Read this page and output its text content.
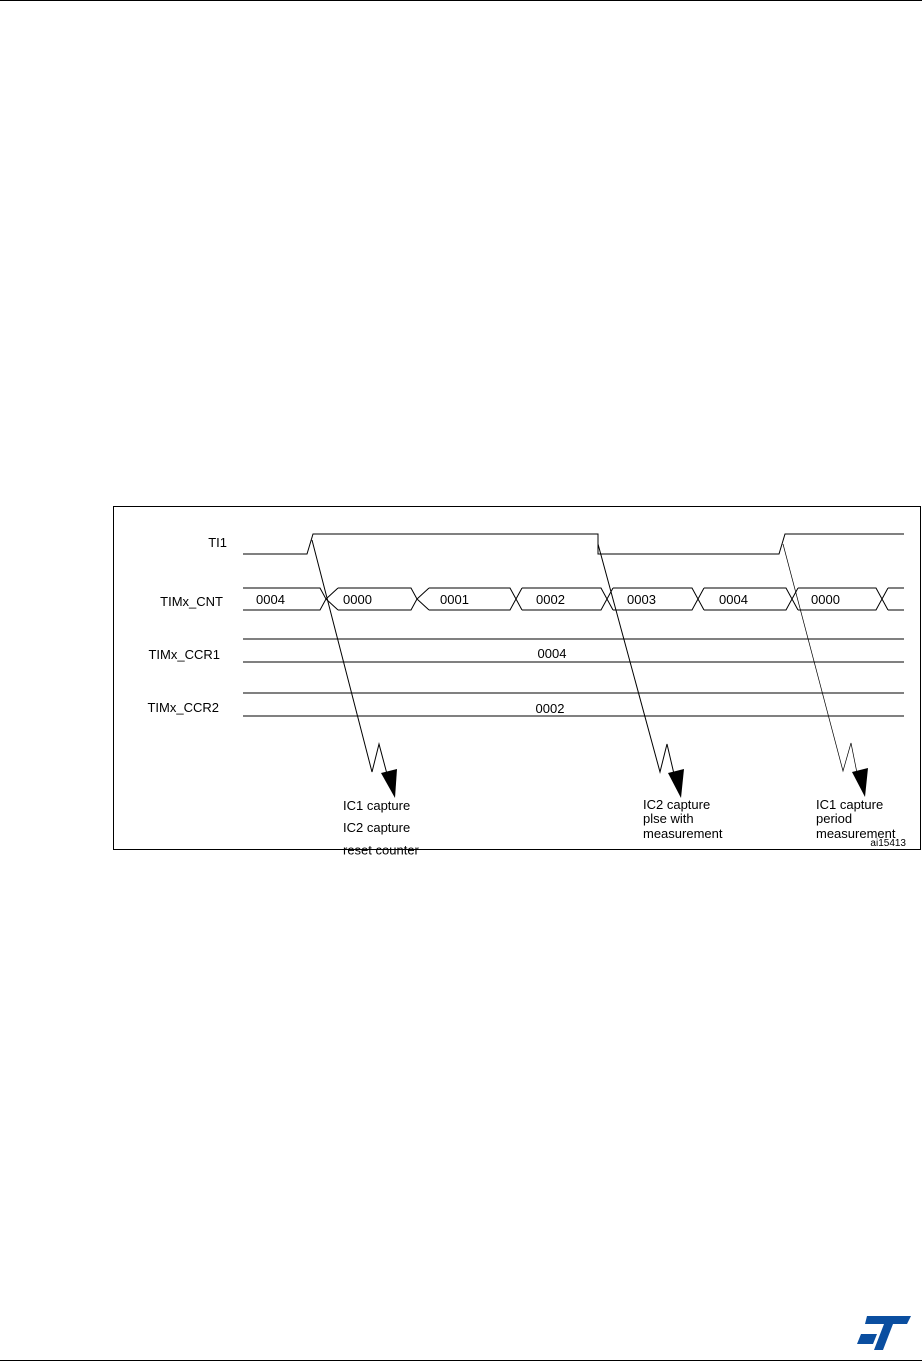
TI1
TIMx_CNT
TIMx_CCR1
TIMx_CCR2
0004	0000	0001	0002	0003	0004	0000
0004
0002
IC1 capture
IC2 capture
reset counter
IC2 capture
plse with
measurement
IC1 capture
period
measurement
ai15413
